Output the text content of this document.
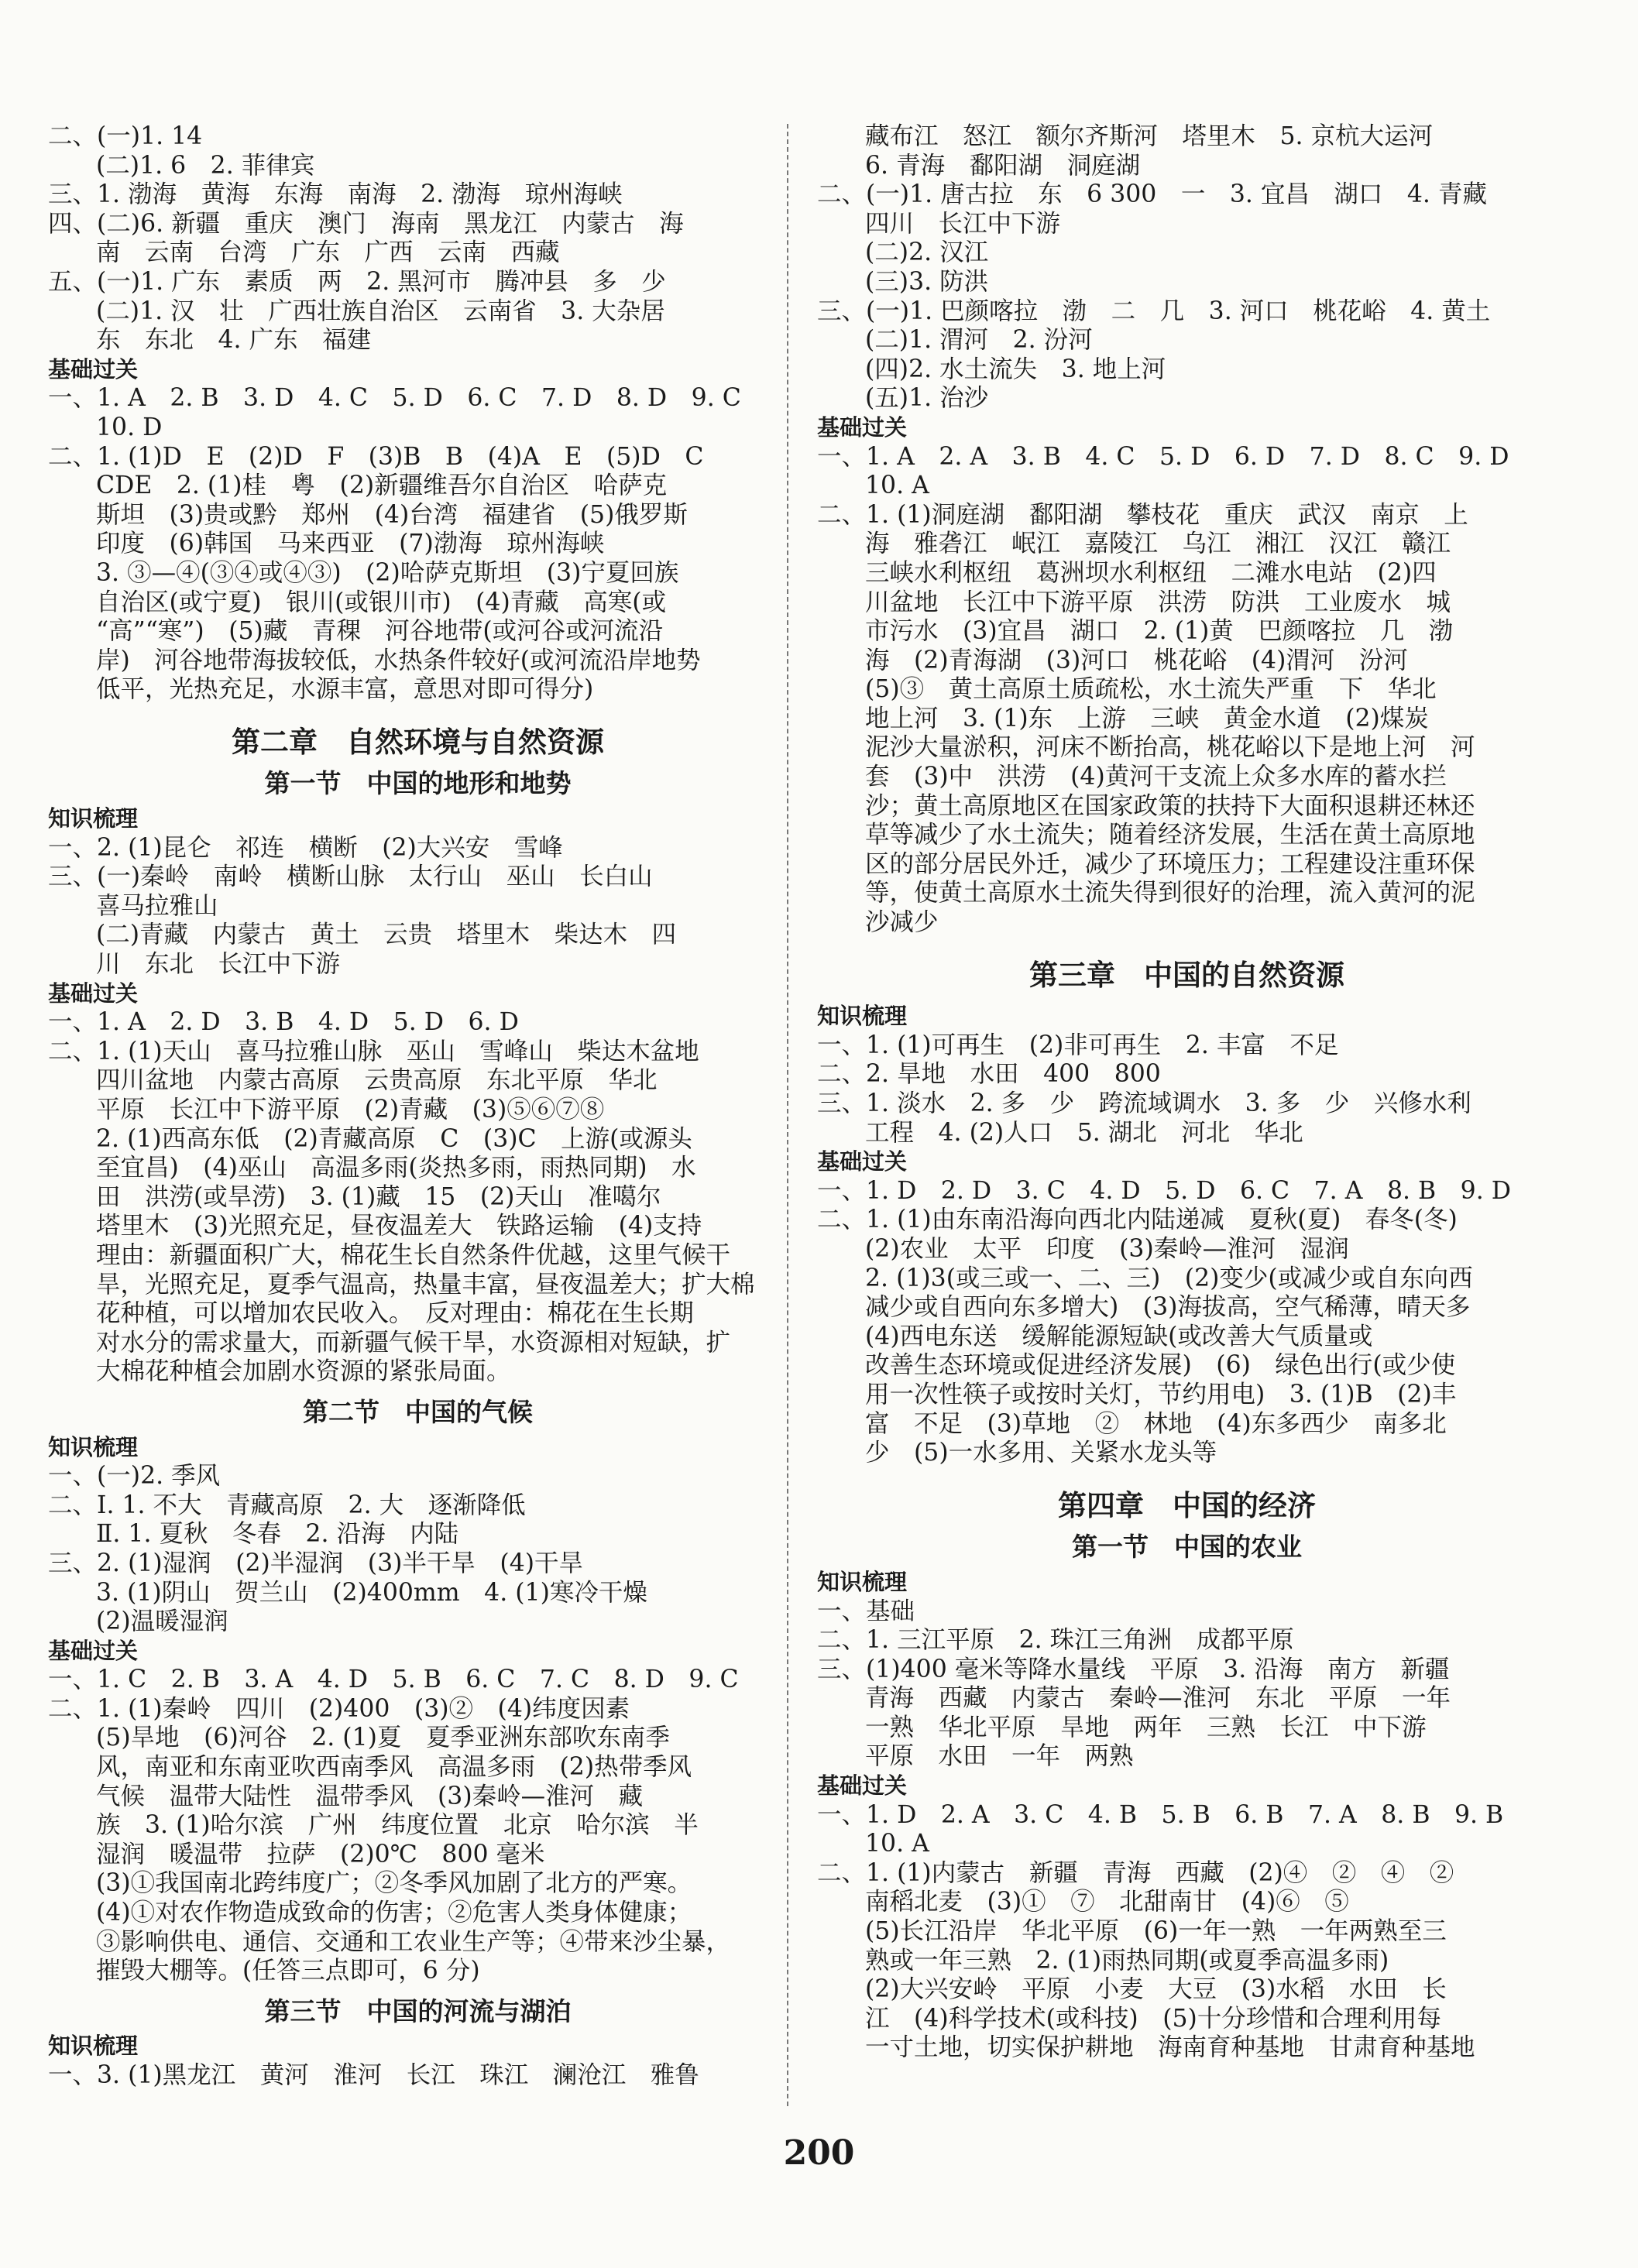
二、(一)1. 14
(二)1. 6　2. 菲律宾
三、1. 渤海　黄海　东海　南海　2. 渤海　琼州海峡
四、(二)6. 新疆　重庆　澳门　海南　黑龙江　内蒙古　海
南　云南　台湾　广东　广西　云南　西藏
五、(一)1. 广东　素质　两　2. 黑河市　腾冲县　多　少
(二)1. 汉　壮　广西壮族自治区　云南省　3. 大杂居
东　东北　4. 广东　福建
基础过关
一、1. A　2. B　3. D　4. C　5. D　6. C　7. D　8. D　9. C
10. D
二、1. (1)D　E　(2)D　F　(3)B　B　(4)A　E　(5)D　C
CDE　2. (1)桂　粤　(2)新疆维吾尔自治区　哈萨克
斯坦　(3)贵或黔　郑州　(4)台湾　福建省　(5)俄罗斯
印度　(6)韩国　马来西亚　(7)渤海　琼州海峡
3. ③—④(③④或④③)　(2)哈萨克斯坦　(3)宁夏回族
自治区(或宁夏)　银川(或银川市)　(4)青藏　高寒(或
“高”“寒”)　(5)藏　青稞　河谷地带(或河谷或河流沿
岸)　河谷地带海拔较低，水热条件较好(或河流沿岸地势
低平，光热充足，水源丰富，意思对即可得分)
第二章　自然环境与自然资源
第一节　中国的地形和地势
知识梳理
一、2. (1)昆仑　祁连　横断　(2)大兴安　雪峰
三、(一)秦岭　南岭　横断山脉　太行山　巫山　长白山
喜马拉雅山
(二)青藏　内蒙古　黄土　云贵　塔里木　柴达木　四
川　东北　长江中下游
基础过关
一、1. A　2. D　3. B　4. D　5. D　6. D
二、1. (1)天山　喜马拉雅山脉　巫山　雪峰山　柴达木盆地
四川盆地　内蒙古高原　云贵高原　东北平原　华北
平原　长江中下游平原　(2)青藏　(3)⑤⑥⑦⑧
2. (1)西高东低　(2)青藏高原　C　(3)C　上游(或源头
至宜昌)　(4)巫山　高温多雨(炎热多雨，雨热同期)　水
田　洪涝(或旱涝)　3. (1)藏　15　(2)天山　准噶尔
塔里木　(3)光照充足，昼夜温差大　铁路运输　(4)支持
理由：新疆面积广大，棉花生长自然条件优越，这里气候干
旱，光照充足，夏季气温高，热量丰富，昼夜温差大；扩大棉
花种植，可以增加农民收入。　反对理由：棉花在生长期
对水分的需求量大，而新疆气候干旱，水资源相对短缺，扩
大棉花种植会加剧水资源的紧张局面。
第二节　中国的气候
知识梳理
一、(一)2. 季风
二、Ⅰ. 1. 不大　青藏高原　2. 大　逐渐降低
Ⅱ. 1. 夏秋　冬春　2. 沿海　内陆
三、2. (1)湿润　(2)半湿润　(3)半干旱　(4)干旱
3. (1)阴山　贺兰山　(2)400mm　4. (1)寒冷干燥
(2)温暖湿润
基础过关
一、1. C　2. B　3. A　4. D　5. B　6. C　7. C　8. D　9. C
二、1. (1)秦岭　四川　(2)400　(3)②　(4)纬度因素
(5)旱地　(6)河谷　2. (1)夏　夏季亚洲东部吹东南季
风，南亚和东南亚吹西南季风　高温多雨　(2)热带季风
气候　温带大陆性　温带季风　(3)秦岭—淮河　藏
族　3. (1)哈尔滨　广州　纬度位置　北京　哈尔滨　半
湿润　暖温带　拉萨　(2)0℃　800 毫米
(3)①我国南北跨纬度广；②冬季风加剧了北方的严寒。
(4)①对农作物造成致命的伤害；②危害人类身体健康；
③影响供电、通信、交通和工农业生产等；④带来沙尘暴，
摧毁大棚等。(任答三点即可，6 分)
第三节　中国的河流与湖泊
知识梳理
一、3. (1)黑龙江　黄河　淮河　长江　珠江　澜沧江　雅鲁
藏布江　怒江　额尔齐斯河　塔里木　5. 京杭大运河
6. 青海　鄱阳湖　洞庭湖
二、(一)1. 唐古拉　东　6 300　一　3. 宜昌　湖口　4. 青藏
四川　长江中下游
(二)2. 汉江
(三)3. 防洪
三、(一)1. 巴颜喀拉　渤　二　几　3. 河口　桃花峪　4. 黄土
(二)1. 渭河　2. 汾河
(四)2. 水土流失　3. 地上河
(五)1. 治沙
基础过关
一、1. A　2. A　3. B　4. C　5. D　6. D　7. D　8. C　9. D
10. A
二、1. (1)洞庭湖　鄱阳湖　攀枝花　重庆　武汉　南京　上
海　雅砻江　岷江　嘉陵江　乌江　湘江　汉江　赣江
三峡水利枢纽　葛洲坝水利枢纽　二滩水电站　(2)四
川盆地　长江中下游平原　洪涝　防洪　工业废水　城
市污水　(3)宜昌　湖口　2. (1)黄　巴颜喀拉　几　渤
海　(2)青海湖　(3)河口　桃花峪　(4)渭河　汾河
(5)③　黄土高原土质疏松，水土流失严重　下　华北
地上河　3. (1)东　上游　三峡　黄金水道　(2)煤炭
泥沙大量淤积，河床不断抬高，桃花峪以下是地上河　河
套　(3)中　洪涝　(4)黄河干支流上众多水库的蓄水拦
沙；黄土高原地区在国家政策的扶持下大面积退耕还林还
草等减少了水土流失；随着经济发展，生活在黄土高原地
区的部分居民外迁，减少了环境压力；工程建设注重环保
等，使黄土高原水土流失得到很好的治理，流入黄河的泥
沙减少
第三章　中国的自然资源
知识梳理
一、1. (1)可再生　(2)非可再生　2. 丰富　不足
二、2. 旱地　水田　400　800
三、1. 淡水　2. 多　少　跨流域调水　3. 多　少　兴修水利
工程　4. (2)人口　5. 湖北　河北　华北
基础过关
一、1. D　2. D　3. C　4. D　5. D　6. C　7. A　8. B　9. D
二、1. (1)由东南沿海向西北内陆递减　夏秋(夏)　春冬(冬)
(2)农业　太平　印度　(3)秦岭—淮河　湿润
2. (1)3(或三或一、二、三)　(2)变少(或减少或自东向西
减少或自西向东多增大)　(3)海拔高，空气稀薄，晴天多
(4)西电东送　缓解能源短缺(或改善大气质量或
改善生态环境或促进经济发展)　(6)　绿色出行(或少使
用一次性筷子或按时关灯，节约用电)　3. (1)B　(2)丰
富　不足　(3)草地　②　林地　(4)东多西少　南多北
少　(5)一水多用、关紧水龙头等
第四章　中国的经济
第一节　中国的农业
知识梳理
一、基础
二、1. 三江平原　2. 珠江三角洲　成都平原
三、(1)400 毫米等降水量线　平原　3. 沿海　南方　新疆
青海　西藏　内蒙古　秦岭—淮河　东北　平原　一年
一熟　华北平原　旱地　两年　三熟　长江　中下游
平原　水田　一年　两熟
基础过关
一、1. D　2. A　3. C　4. B　5. B　6. B　7. A　8. B　9. B
10. A
二、1. (1)内蒙古　新疆　青海　西藏　(2)④　②　④　②
南稻北麦　(3)①　⑦　北甜南甘　(4)⑥　⑤
(5)长江沿岸　华北平原　(6)一年一熟　一年两熟至三
熟或一年三熟　2. (1)雨热同期(或夏季高温多雨)
(2)大兴安岭　平原　小麦　大豆　(3)水稻　水田　长
江　(4)科学技术(或科技)　(5)十分珍惜和合理利用每
一寸土地，切实保护耕地　海南育种基地　甘肃育种基地
200
